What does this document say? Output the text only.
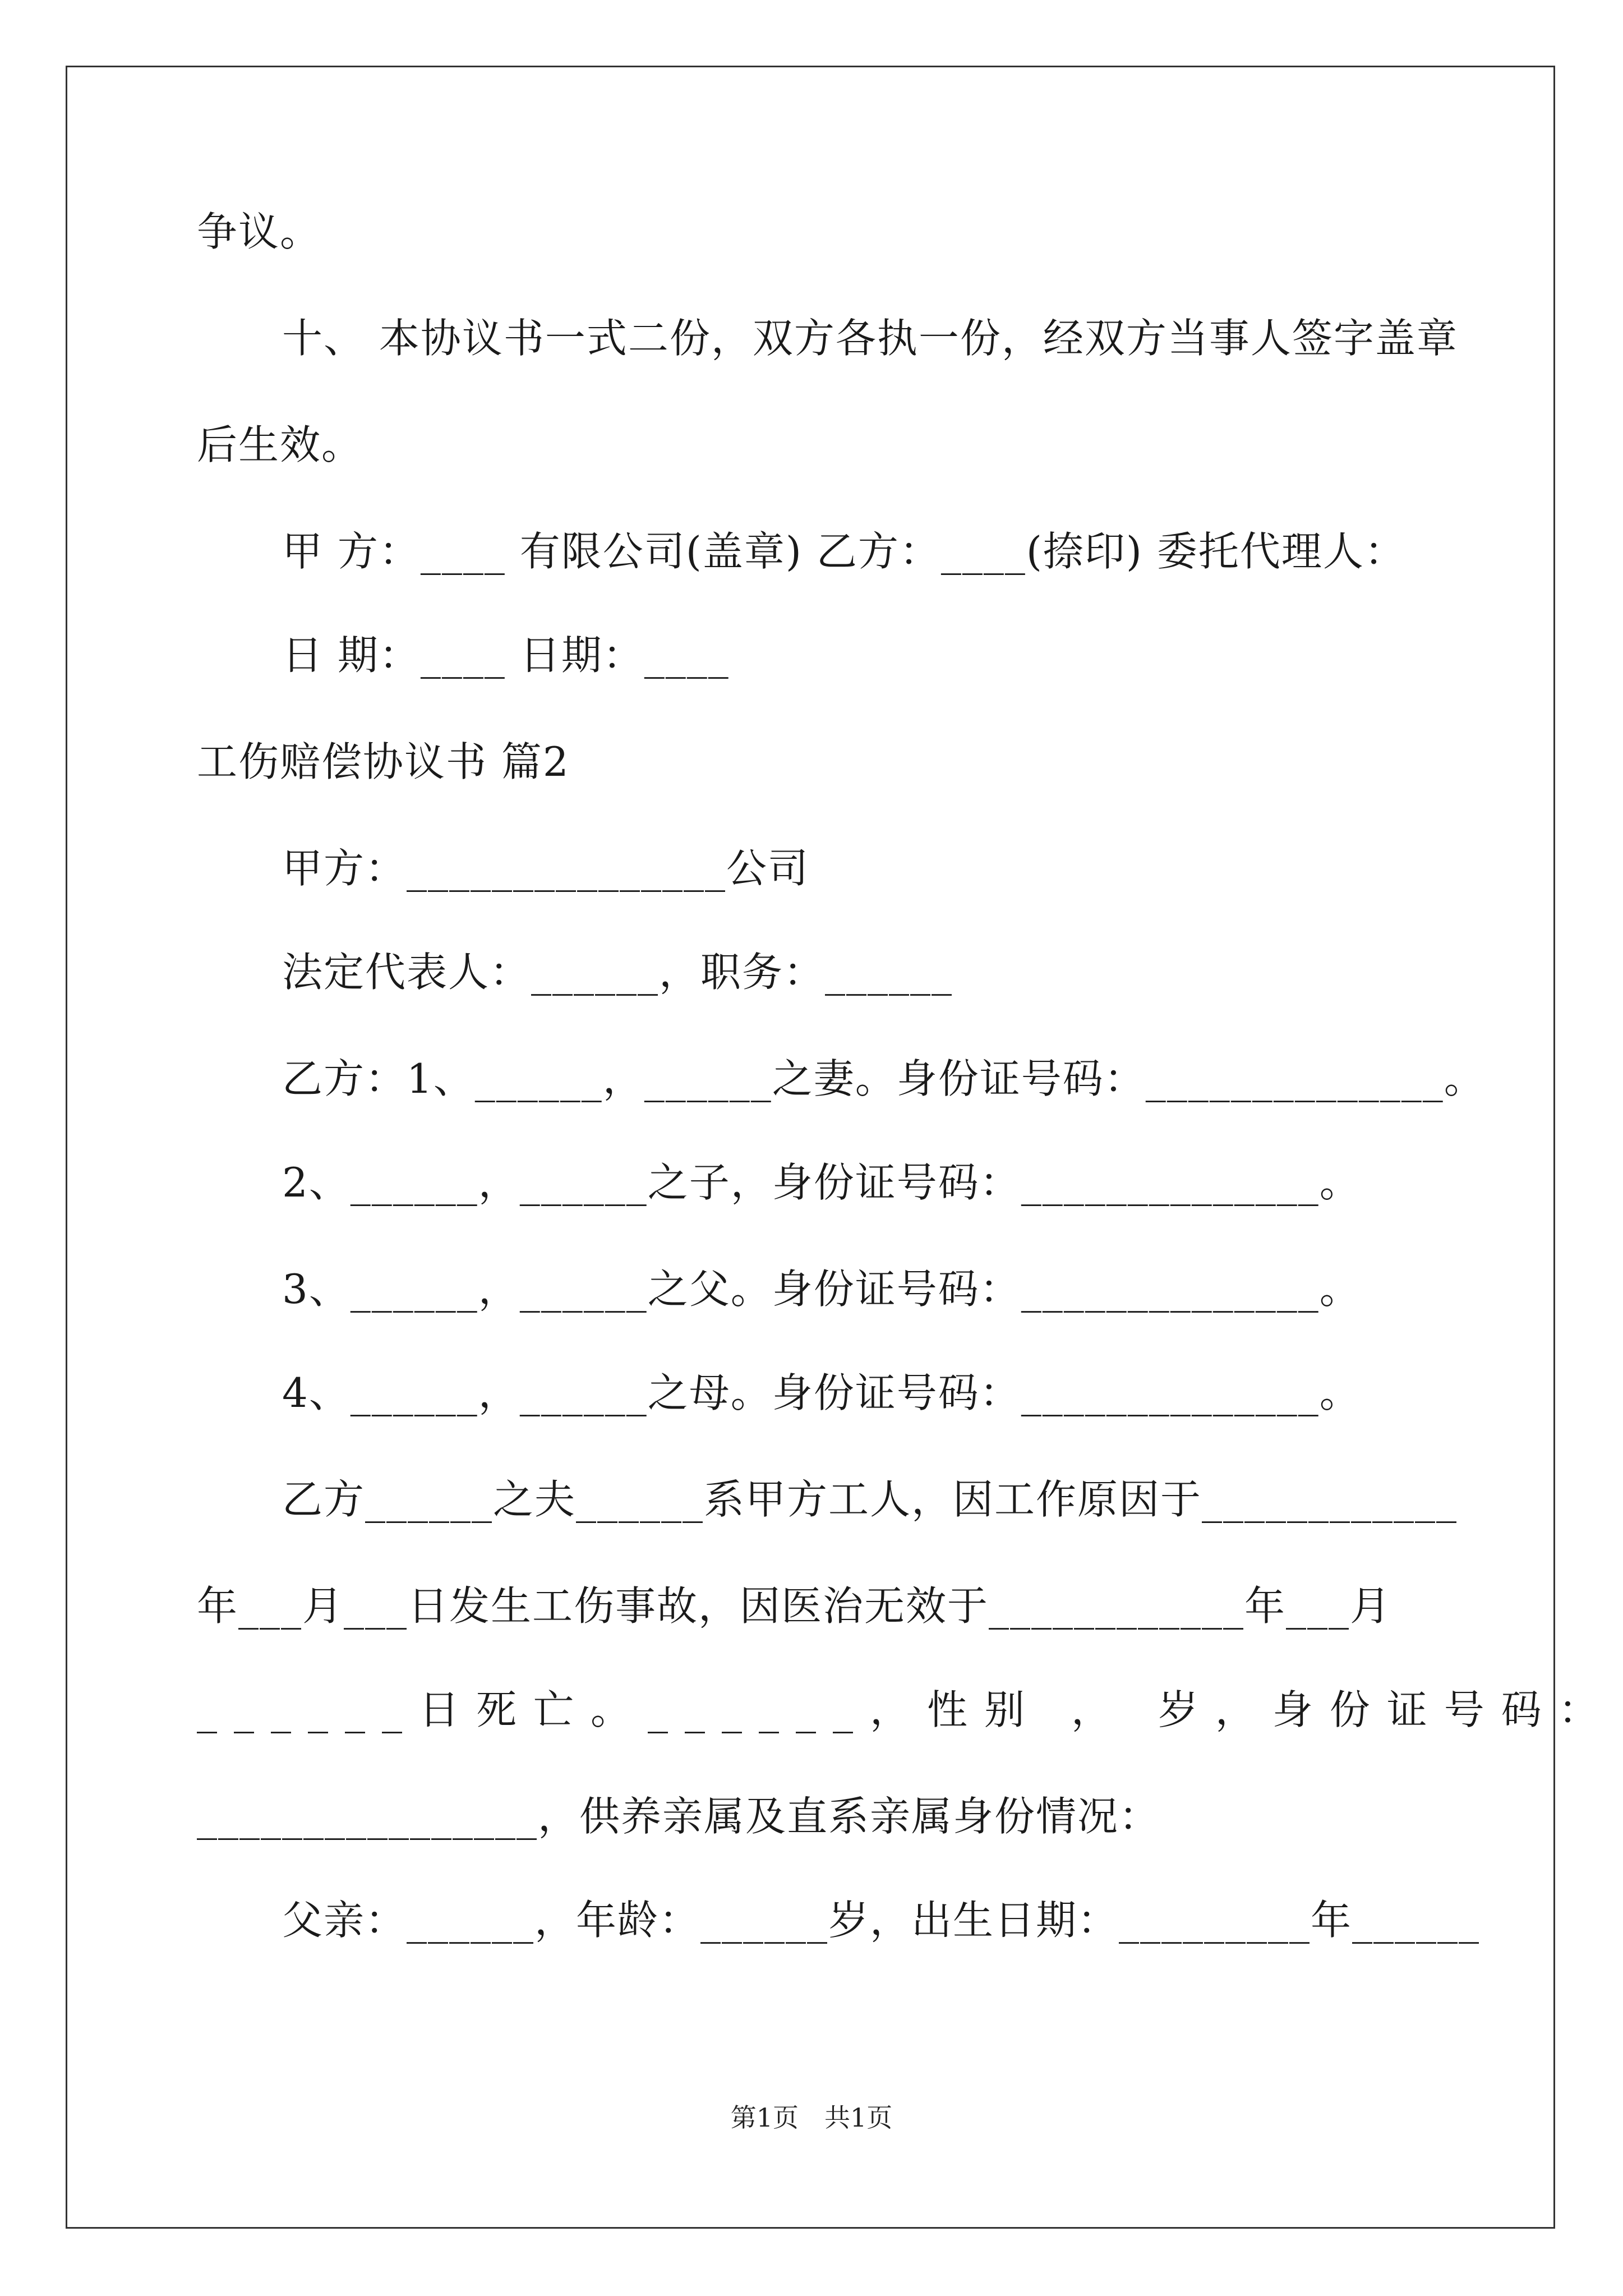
争议。
十、 本协议书一式二份，双方各执一份，经双方当事人签字盖章
后生效。
甲 方：____ 有限公司(盖章) 乙方：____(捺印) 委托代理人：
日 期：____ 日期：____
工伤赔偿协议书 篇2
甲方：_______________公司
法定代表人：______，职务：______
乙方：1、______，______之妻。身份证号码：______________。
2、______，______之子，身份证号码：______________。
3、______，______之父。身份证号码：______________。
4、______，______之母。身份证号码：______________。
乙方______之夫______系甲方工人，因工作原因于____________
年___月___日发生工伤事故，因医治无效于____________年___月
______日死亡。______，性别 ， 岁，身份证号码：
________________，供养亲属及直系亲属身份情况：
父亲：______，年龄：______岁，出生日期：_________年______
第1页　共1页
